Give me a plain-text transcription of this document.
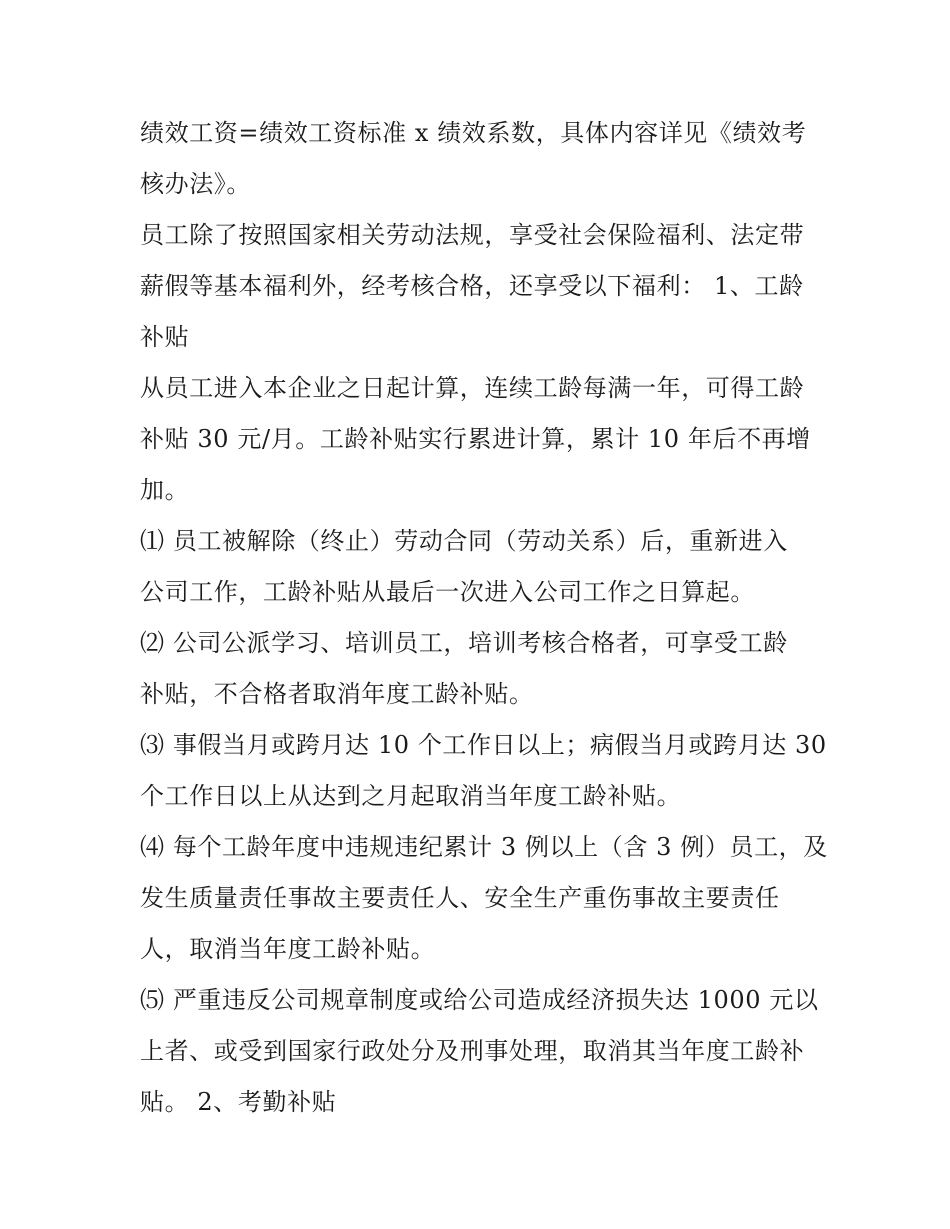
绩效工资=绩效工资标准 x 绩效系数，具体内容详见《绩效考
核办法》。

员工除了按照国家相关劳动法规，享受社会保险福利、法定带
薪假等基本福利外，经考核合格，还享受以下福利： 1、工龄
补贴

从员工进入本企业之日起计算，连续工龄每满一年，可得工龄
补贴 30 元/月。工龄补贴实行累进计算，累计 10 年后不再增
加。

⑴ 员工被解除（终止）劳动合同（劳动关系）后，重新进入
公司工作，工龄补贴从最后一次进入公司工作之日算起。

⑵ 公司公派学习、培训员工，培训考核合格者，可享受工龄
补贴，不合格者取消年度工龄补贴。

⑶ 事假当月或跨月达 10 个工作日以上；病假当月或跨月达 30
个工作日以上从达到之月起取消当年度工龄补贴。

⑷ 每个工龄年度中违规违纪累计 3 例以上（含 3 例）员工，及
发生质量责任事故主要责任人、安全生产重伤事故主要责任
人，取消当年度工龄补贴。

⑸ 严重违反公司规章制度或给公司造成经济损失达 1000 元以
上者、或受到国家行政处分及刑事处理，取消其当年度工龄补
贴。 2、考勤补贴
